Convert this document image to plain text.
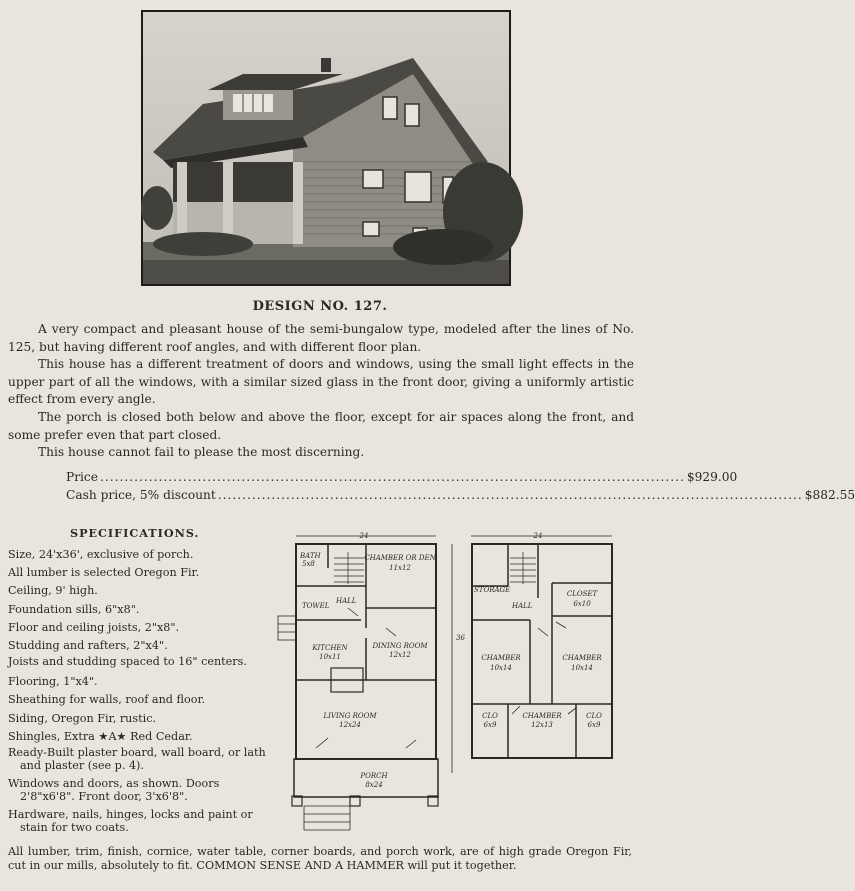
DESIGN NO. 127.

A very compact and pleasant house of the semi-bungalow type, modeled after the lines of No. 125, but having different roof angles, and with different floor plan.

This house has a different treatment of doors and windows, using the small light effects in the upper part of all the windows, with a similar sized glass in the front door, giving a uniformly artistic effect from every angle.

The porch is closed both below and above the floor, except for air spaces along the front, and some prefer even that part closed.

This house cannot fail to please the most discerning.

Price ........................................................................................................................ $929.00
Cash price, 5% discount ........................................................................................................................ $882.55
SPECIFICATIONS.
Size, 24'x36', exclusive of porch.
All lumber is selected Oregon Fir.
Ceiling, 9' high.
Foundation sills, 6"x8".
Floor and ceiling joists, 2"x8".
Studding and rafters, 2"x4".
Joists and studding spaced to 16" centers.
Flooring, 1"x4".
Sheathing for walls, roof and floor.
Siding, Oregon Fir, rustic.
Shingles, Extra ★A★ Red Cedar.
Ready-Built plaster board, wall board, or lath and plaster (see p. 4).
Windows and doors, as shown. Doors 2'8"x6'8". Front door, 3'x6'8".
Hardware, nails, hinges, locks and paint or stain for two coats.
24
36
24
BATH
5x8
CHAMBER OR DEN
11x12
HALL
TOWEL
KITCHEN
10x11
DINING ROOM
12x12
LIVING ROOM
12x24
PORCH
8x24
STORAGE
HALL
CLOSET
6x10
CHAMBER
10x14
CHAMBER
10x14
CLO
6x9
CHAMBER
12x13
CLO
6x9
All lumber, trim, finish, cornice, water table, corner boards, and porch work, are of high grade Oregon Fir, cut in our mills, absolutely to fit. COMMON SENSE AND A HAMMER will put it together.
